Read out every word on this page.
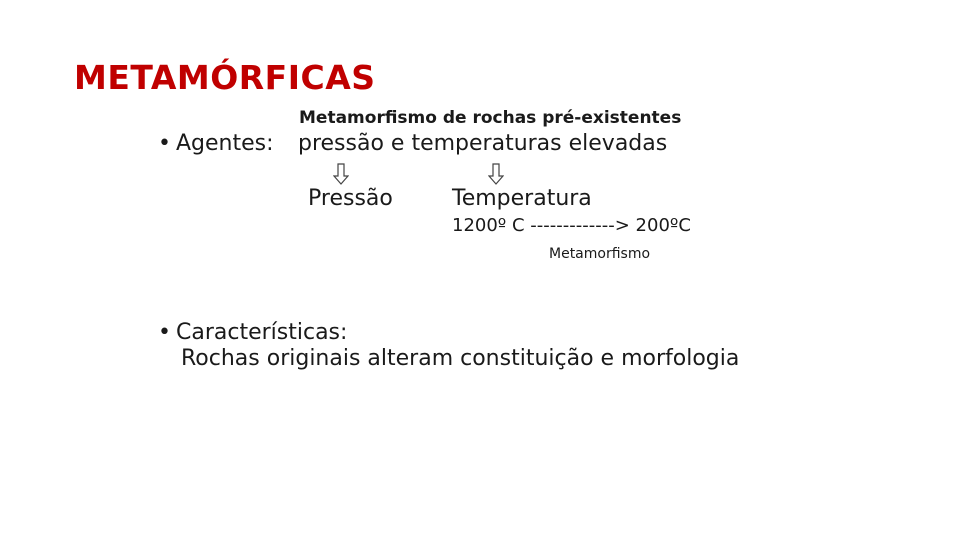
METAMÓRFICAS
Metamorfismo de rochas pré-existentes
• Agentes: pressão e temperaturas elevadas
Pressão	Temperatura
1200º C -------------> 200ºC
Metamorfismo
• Características:
Rochas originais alteram constituição e morfologia
